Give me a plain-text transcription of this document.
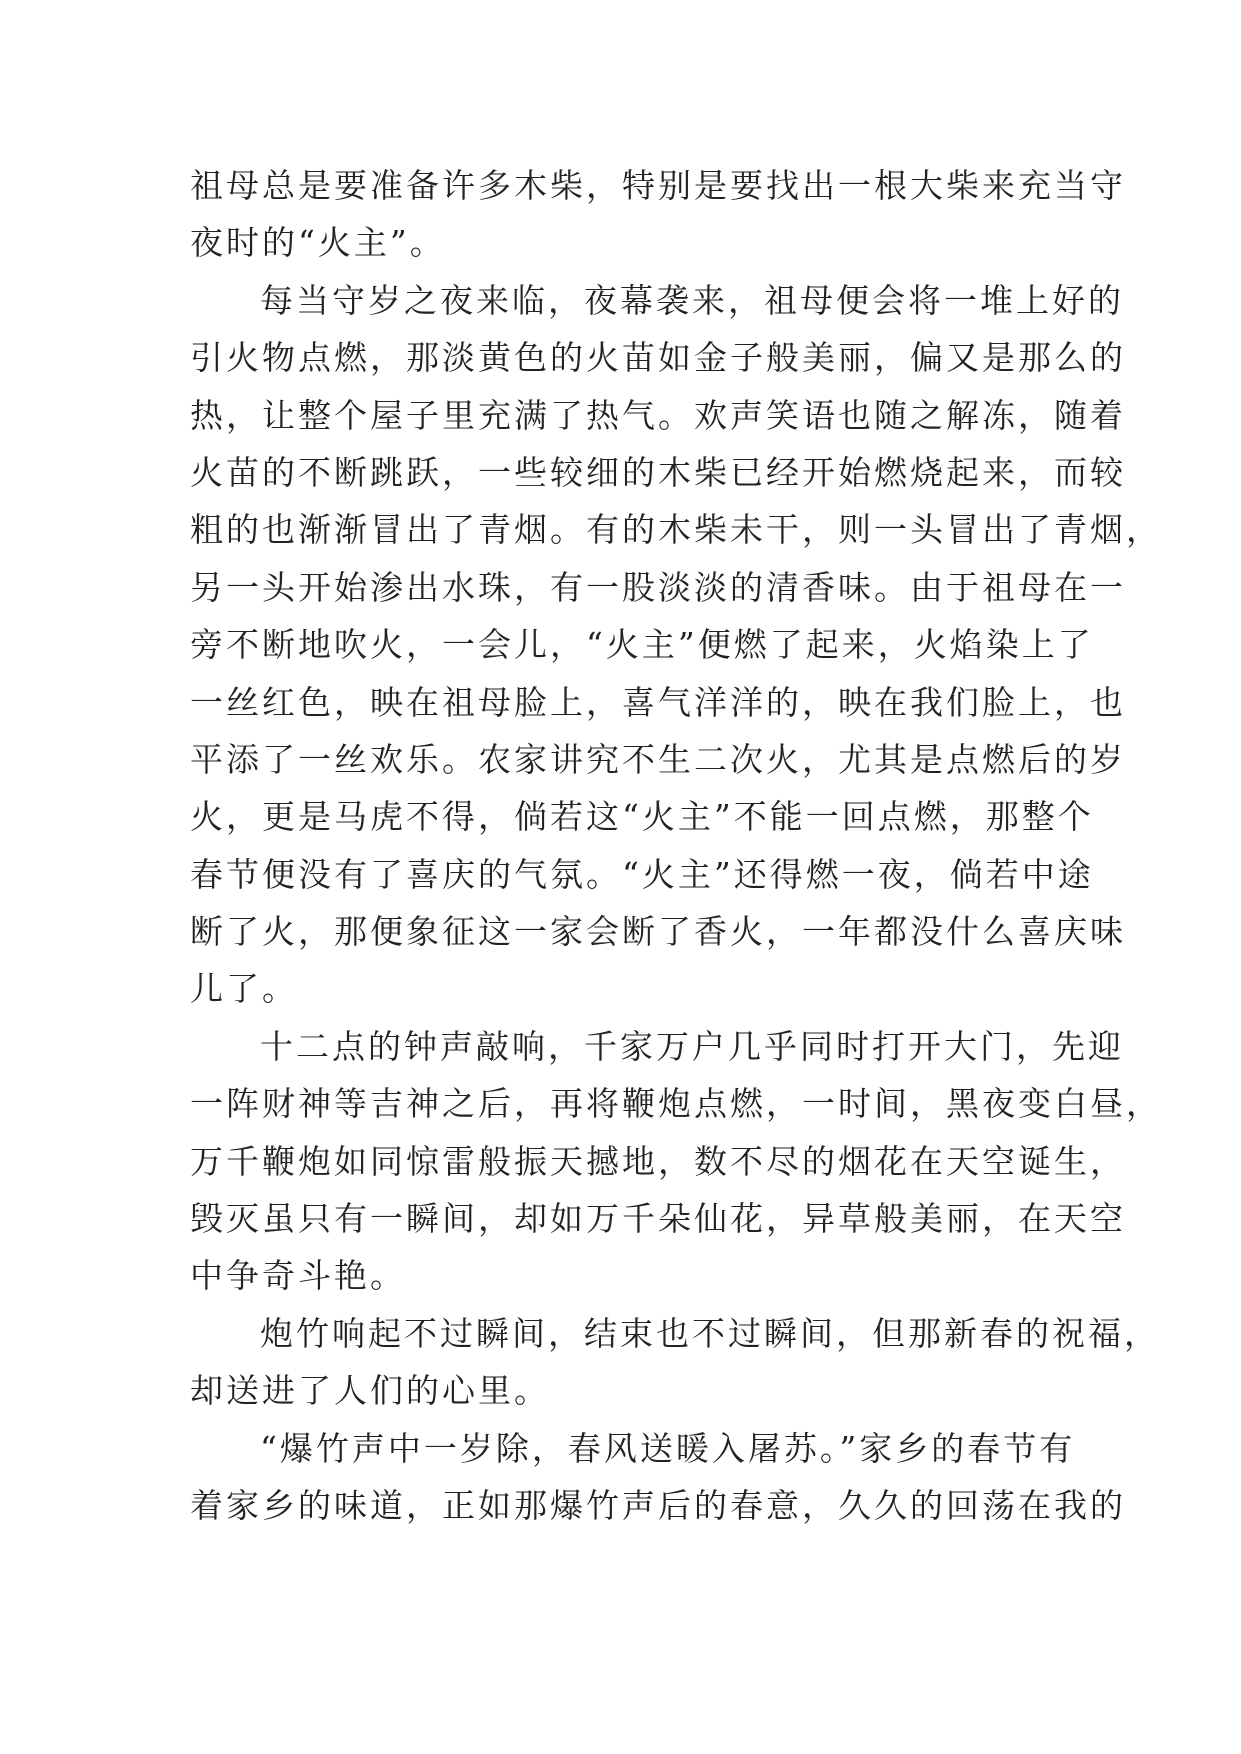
祖母总是要准备许多木柴，特别是要找出一根大柴来充当守
夜时的“火主”。
每当守岁之夜来临，夜幕袭来，祖母便会将一堆上好的
引火物点燃，那淡黄色的火苗如金子般美丽，偏又是那么的
热，让整个屋子里充满了热气。欢声笑语也随之解冻，随着
火苗的不断跳跃，一些较细的木柴已经开始燃烧起来，而较
粗的也渐渐冒出了青烟。有的木柴未干，则一头冒出了青烟，
另一头开始渗出水珠，有一股淡淡的清香味。由于祖母在一
旁不断地吹火，一会儿，“火主”便燃了起来，火焰染上了
一丝红色，映在祖母脸上，喜气洋洋的，映在我们脸上，也
平添了一丝欢乐。农家讲究不生二次火，尤其是点燃后的岁
火，更是马虎不得，倘若这“火主”不能一回点燃，那整个
春节便没有了喜庆的气氛。“火主”还得燃一夜，倘若中途
断了火，那便象征这一家会断了香火，一年都没什么喜庆味
儿了。
十二点的钟声敲响，千家万户几乎同时打开大门，先迎
一阵财神等吉神之后，再将鞭炮点燃，一时间，黑夜变白昼，
万千鞭炮如同惊雷般振天撼地，数不尽的烟花在天空诞生，
毁灭虽只有一瞬间，却如万千朵仙花，异草般美丽，在天空
中争奇斗艳。
炮竹响起不过瞬间，结束也不过瞬间，但那新春的祝福，
却送进了人们的心里。
“爆竹声中一岁除，春风送暖入屠苏。”家乡的春节有
着家乡的味道，正如那爆竹声后的春意，久久的回荡在我的
